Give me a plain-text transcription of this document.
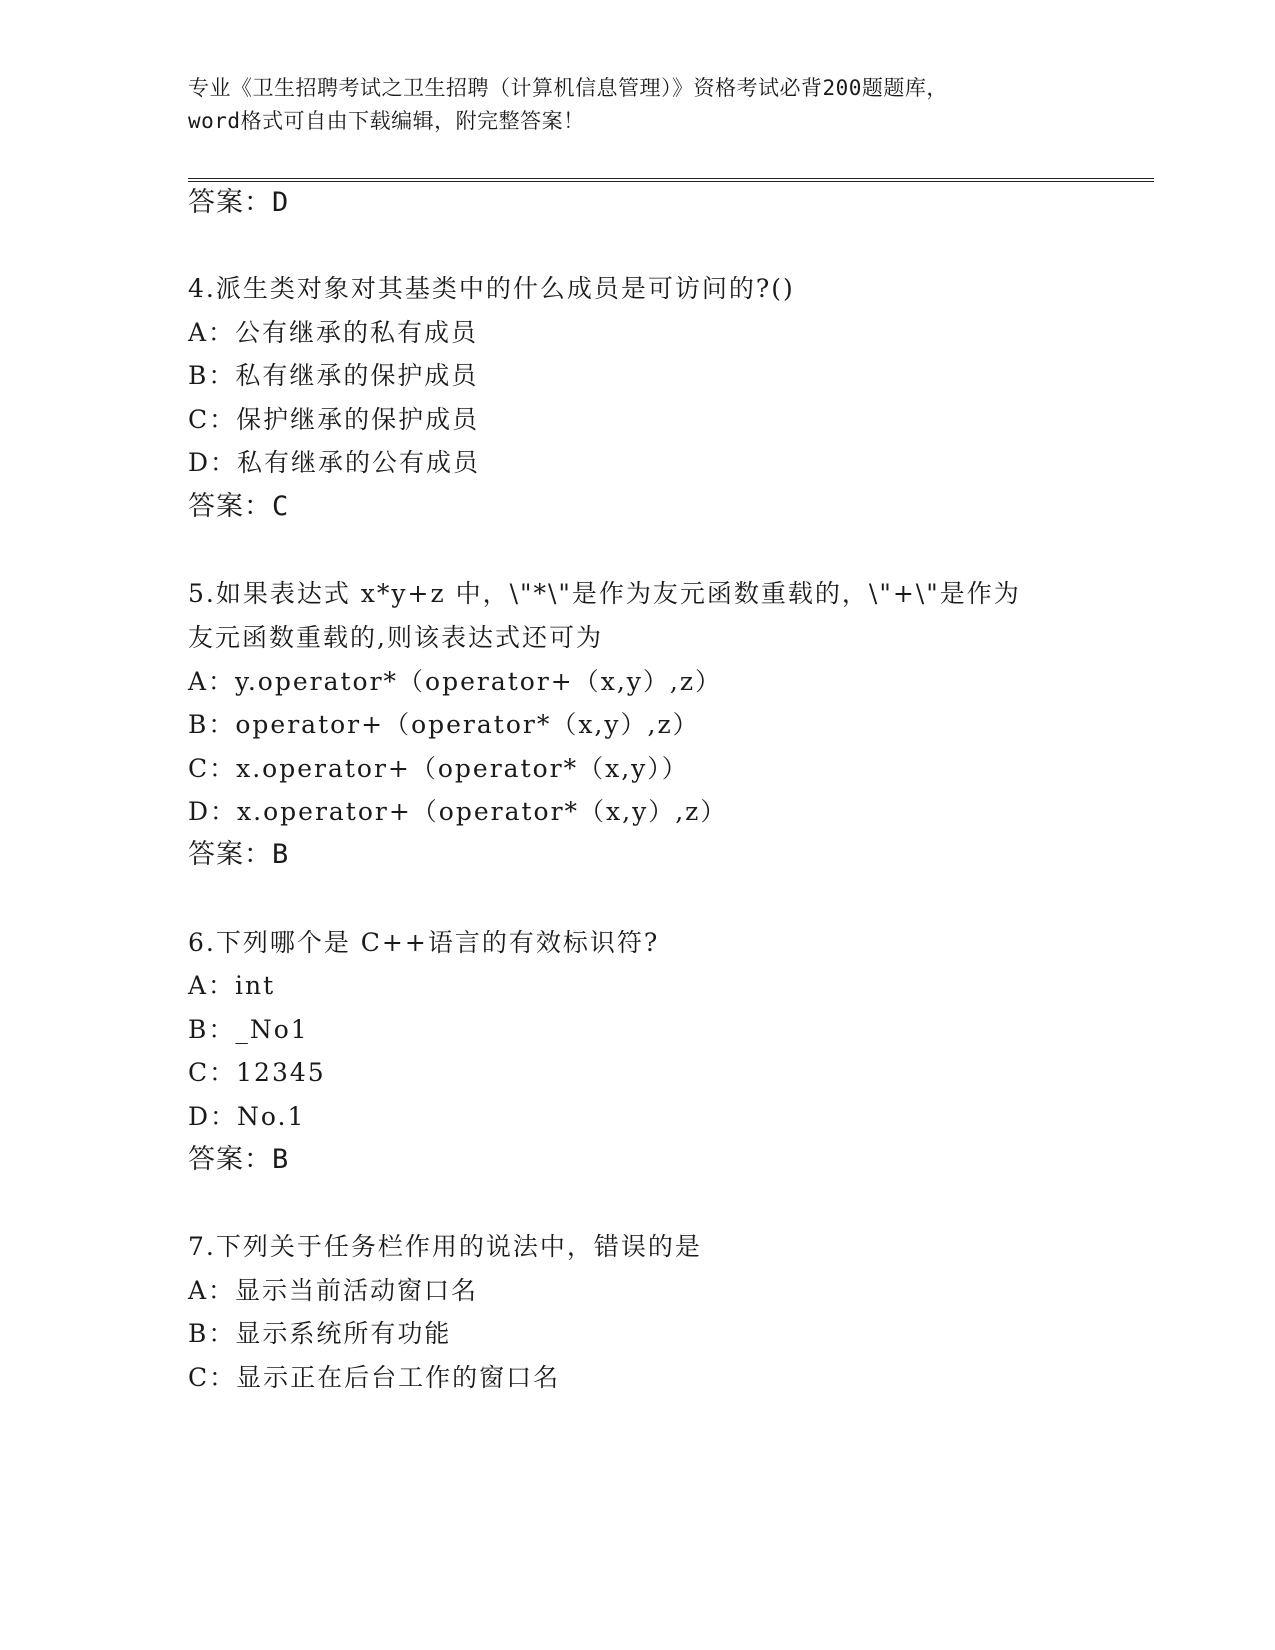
专业《卫生招聘考试之卫生招聘（计算机信息管理）》资格考试必背200题题库，
word格式可自由下载编辑，附完整答案！
答案：D
4.派生类对象对其基类中的什么成员是可访问的?()
A：公有继承的私有成员
B：私有继承的保护成员
C：保护继承的保护成员
D：私有继承的公有成员
答案：C
5.如果表达式 x*y+z 中，\"*\"是作为友元函数重载的，\"+\"是作为
友元函数重载的,则该表达式还可为
A：y.operator*（operator+（x,y）,z）
B：operator+（operator*（x,y）,z）
C：x.operator+（operator*（x,y））
D：x.operator+（operator*（x,y）,z）
答案：B
6.下列哪个是 C++语言的有效标识符?
A：int
B：_No1
C：12345
D：No.1
答案：B
7.下列关于任务栏作用的说法中，错误的是
A：显示当前活动窗口名
B：显示系统所有功能
C：显示正在后台工作的窗口名
